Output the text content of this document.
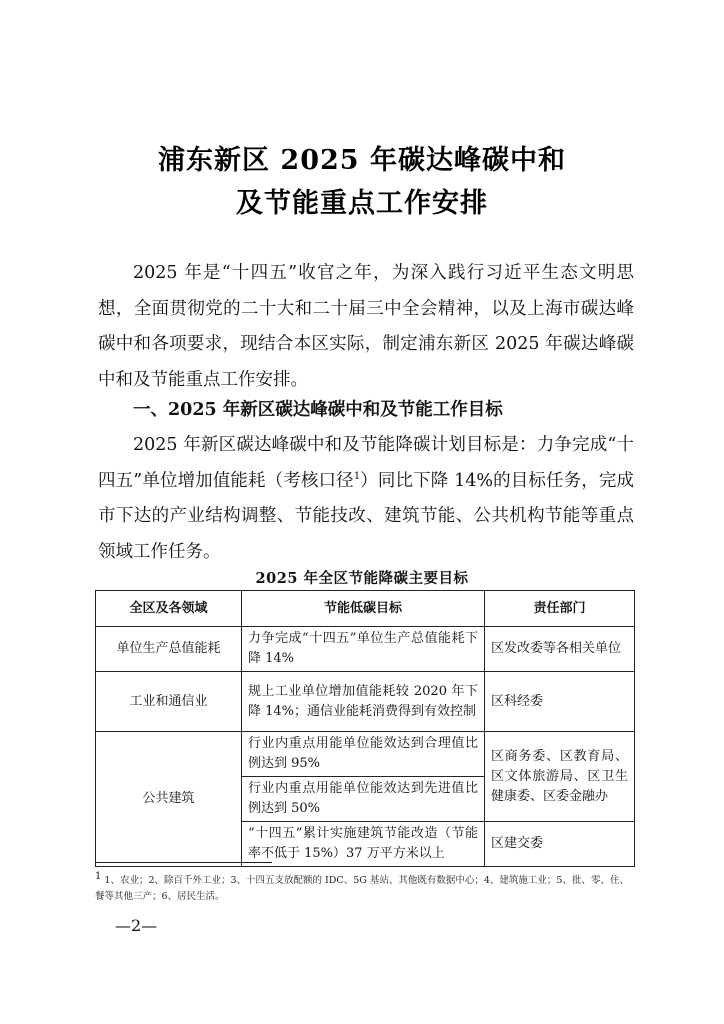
浦东新区 2025 年碳达峰碳中和
及节能重点工作安排

2025 年是“十四五”收官之年，为深入践行习近平生态文明思想，全面贯彻党的二十大和二十届三中全会精神，以及上海市碳达峰碳中和各项要求，现结合本区实际，制定浦东新区 2025 年碳达峰碳中和及节能重点工作安排。

一、2025 年新区碳达峰碳中和及节能工作目标

2025 年新区碳达峰碳中和及节能降碳计划目标是：力争完成“十四五”单位增加值能耗（考核口径$^1$）同比下降 14%的目标任务，完成市下达的产业结构调整、节能技改、建筑节能、公共机构节能等重点领域工作任务。

2025 年全区节能降碳主要目标
全区及各领域	节能低碳目标	责任部门
单位生产总值能耗	力争完成“十四五”单位生产总值能耗下降 14%	区发改委等各相关单位
工业和通信业	规上工业单位增加值能耗较 2020 年下降 14%；通信业能耗消费得到有效控制	区科经委
公共建筑	行业内重点用能单位能效达到合理值比例达到 95%	区商务委、区教育局、区文体旅游局、区卫生健康委、区委金融办
	行业内重点用能单位能效达到先进值比例达到 50%	
	“十四五”累计实施建筑节能改造（节能率不低于 15%）37 万平方米以上	区建交委
$^1$ 1、农业；2、除百千外工业；3、十四五支放配额的 IDC、5G 基站、其他既有数据中心；4、建筑施工业；5、批、零、住、餐等其他三产；6、居民生活。
—2—
